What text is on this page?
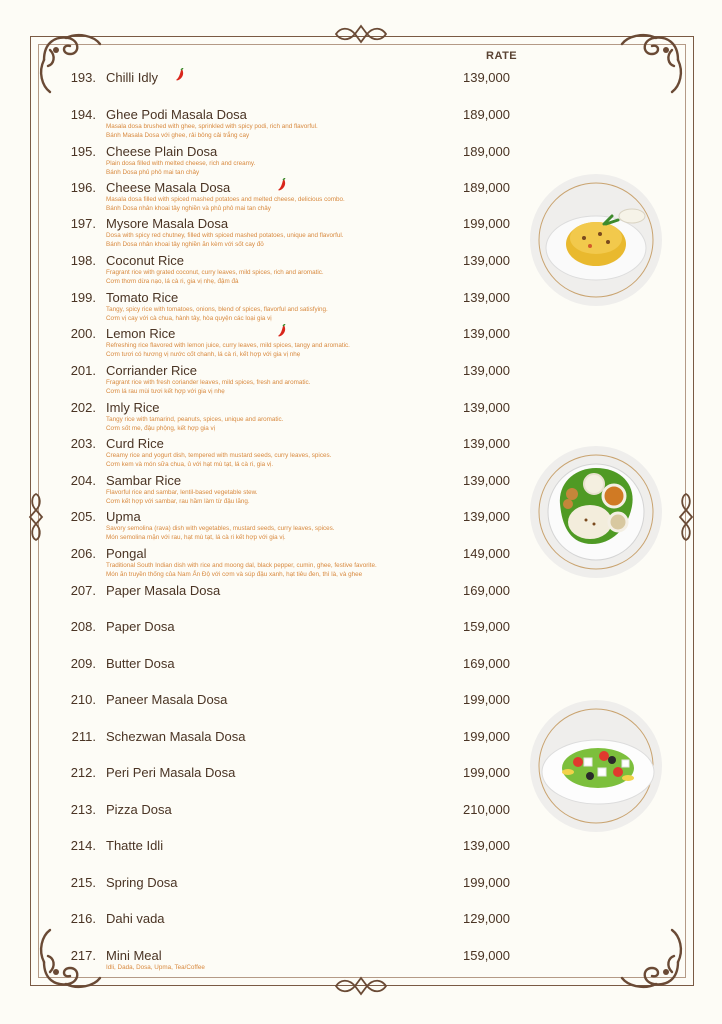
RATE
193. Chilli Idly	139,000
194. Ghee Podi Masala Dosa	189,000
Masala dosa brushed with ghee, sprinkled with spicy podi, rich and flavorful.
Bánh Masala Dosa với ghee, rải bông cải trắng cay
195. Cheese Plain Dosa	189,000
Plain dosa filled with melted cheese, rich and creamy.
Bánh Dosa phủ phô mai tan chảy
196. Cheese Masala Dosa	189,000
Masala dosa filled with spiced mashed potatoes and melted cheese, delicious combo.
Bánh Dosa nhân khoai tây nghiền và phủ phô mai tan chảy
197. Mysore Masala Dosa	199,000
Dosa with spicy red chutney, filled with spiced mashed potatoes, unique and flavorful.
Bánh Dosa nhân khoai tây nghiền ăn kèm với sốt cay đỏ
198. Coconut Rice	139,000
Fragrant rice with grated coconut, curry leaves, mild spices, rich and aromatic.
Cơm thơm dừa nạo, lá cà ri, gia vị nhẹ, đậm đà
199. Tomato Rice	139,000
Tangy, spicy rice with tomatoes, onions, blend of spices, flavorful and satisfying.
Cơm vị cay với cà chua, hành tây, hòa quyện các loại gia vị
200. Lemon Rice	139,000
Refreshing rice flavored with lemon juice, curry leaves, mild spices, tangy and aromatic.
Cơm tươi có hương vị nước cốt chanh, lá cà ri, kết hợp với gia vị nhẹ
201. Corriander Rice	139,000
Fragrant rice with fresh coriander leaves, mild spices, fresh and aromatic.
Cơm lá rau mùi tươi kết hợp với gia vị nhẹ
202. Imly Rice	139,000
Tangy rice with tamarind, peanuts, spices, unique and aromatic.
Cơm sốt me, đậu phộng, kết hợp gia vị
203. Curd Rice	139,000
Creamy rice and yogurt dish, tempered with mustard seeds, curry leaves, spices.
Cơm kem và món sữa chua, ủ với hạt mù tạt, lá cà ri, gia vị.
204. Sambar Rice	139,000
Flavorful rice and sambar, lentil-based vegetable stew.
Cơm kết hợp với sambar, rau hầm làm từ đậu lăng.
205. Upma	139,000
Savory semolina (rava) dish with vegetables, mustard seeds, curry leaves, spices.
Món semolina mặn với rau, hạt mù tạt, lá cà ri kết hợp với gia vị.
206. Pongal	149,000
Traditional South Indian dish with rice and moong dal, black pepper, cumin, ghee, festive favorite.
Món ăn truyền thống của Nam Ấn Độ với cơm và súp đậu xanh, hạt tiêu đen, thì là, và ghee
207. Paper Masala Dosa	169,000
208. Paper Dosa	159,000
209. Butter Dosa	169,000
210. Paneer Masala Dosa	199,000
211. Schezwan Masala Dosa	199,000
212. Peri Peri Masala Dosa	199,000
213. Pizza Dosa	210,000
214. Thatte Idli	139,000
215. Spring Dosa	199,000
216. Dahi vada	129,000
217. Mini Meal	159,000
Idli, Dada, Dosa, Upma, Tea/Coffee
